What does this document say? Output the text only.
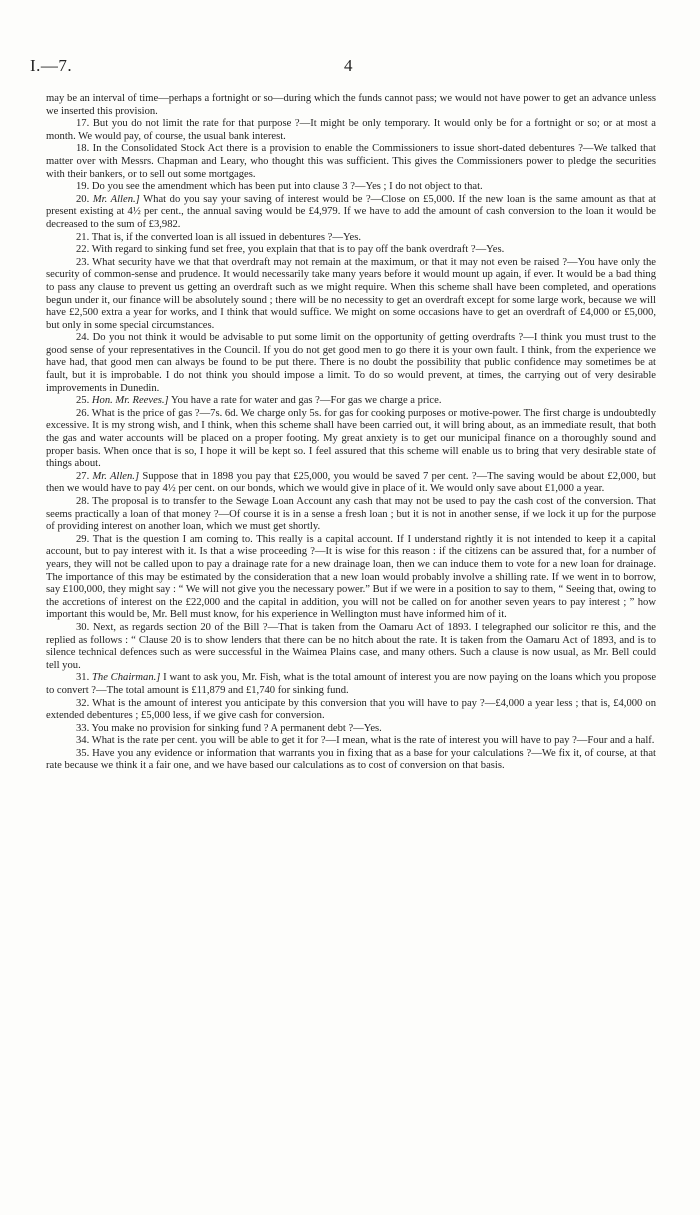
I.—7.	4

may be an interval of time—perhaps a fortnight or so—during which the funds cannot pass; we would not have power to get an advance unless we inserted this provision.

17. But you do not limit the rate for that purpose ?—It might be only temporary. It would only be for a fortnight or so; or at most a month. We would pay, of course, the usual bank interest.

18. In the Consolidated Stock Act there is a provision to enable the Commissioners to issue short-dated debentures ?—We talked that matter over with Messrs. Chapman and Leary, who thought this was sufficient. This gives the Commissioners power to pledge the securities with their bankers, or to sell out some mortgages.

19. Do you see the amendment which has been put into clause 3 ?—Yes ; I do not object to that.

20. Mr. Allen.] What do you say your saving of interest would be ?—Close on £5,000. If the new loan is the same amount as that at present existing at 4½ per cent., the annual saving would be £4,979. If we have to add the amount of cash conversion to the loan it would be decreased to the sum of £3,982.

21. That is, if the converted loan is all issued in debentures ?—Yes.

22. With regard to sinking fund set free, you explain that that is to pay off the bank overdraft ?—Yes.

23. What security have we that that overdraft may not remain at the maximum, or that it may not even be raised ?—You have only the security of common-sense and prudence. It would necessarily take many years before it would mount up again, if ever. It would be a bad thing to pass any clause to prevent us getting an overdraft such as we might require. When this scheme shall have been completed, and operations begun under it, our finance will be absolutely sound ; there will be no necessity to get an overdraft except for some large work, because we will have £2,500 extra a year for works, and I think that would suffice. We might on some occasions have to get an overdraft of £4,000 or £5,000, but only in some special circumstances.

24. Do you not think it would be advisable to put some limit on the opportunity of getting overdrafts ?—I think you must trust to the good sense of your representatives in the Council. If you do not get good men to go there it is your own fault. I think, from the experience we have had, that good men can always be found to be put there. There is no doubt the possibility that public confidence may sometimes be at fault, but it is improbable. I do not think you should impose a limit. To do so would prevent, at times, the carrying out of very desirable improvements in Dunedin.

25. Hon. Mr. Reeves.] You have a rate for water and gas ?—For gas we charge a price.

26. What is the price of gas ?—7s. 6d. We charge only 5s. for gas for cooking purposes or motive-power. The first charge is undoubtedly excessive. It is my strong wish, and I think, when this scheme shall have been carried out, it will bring about, as an immediate result, that both the gas and water accounts will be placed on a proper footing. My great anxiety is to get our municipal finance on a thoroughly sound and proper basis. When once that is so, I hope it will be kept so. I feel assured that this scheme will enable us to bring that very desirable state of things about.

27. Mr. Allen.] Suppose that in 1898 you pay that £25,000, you would be saved 7 per cent. ?—The saving would be about £2,000, but then we would have to pay 4½ per cent. on our bonds, which we would give in place of it. We would only save about £1,000 a year.

28. The proposal is to transfer to the Sewage Loan Account any cash that may not be used to pay the cash cost of the conversion. That seems practically a loan of that money ?—Of course it is in a sense a fresh loan ; but it is not in another sense, if we lock it up for the purpose of providing interest on another loan, which we must get shortly.

29. That is the question I am coming to. This really is a capital account. If I understand rightly it is not intended to keep it a capital account, but to pay interest with it. Is that a wise proceeding ?—It is wise for this reason : if the citizens can be assured that, for a number of years, they will not be called upon to pay a drainage rate for a new drainage loan, then we can induce them to vote for a new loan for drainage. The importance of this may be estimated by the consideration that a new loan would probably involve a shilling rate. If we went in to borrow, say £100,000, they might say : “ We will not give you the necessary power.” But if we were in a position to say to them, “ Seeing that, owing to the accretions of interest on the £22,000 and the capital in addition, you will not be called on for another seven years to pay interest ; ” how important this would be, Mr. Bell must know, for his experience in Wellington must have informed him of it.

30. Next, as regards section 20 of the Bill ?—That is taken from the Oamaru Act of 1893. I telegraphed our solicitor re this, and the replied as follows : “ Clause 20 is to show lenders that there can be no hitch about the rate. It is taken from the Oamaru Act of 1893, and is to silence technical defences such as were successful in the Waimea Plains case, and many others. Such a clause is now usual, as Mr. Bell could tell you.

31. The Chairman.] I want to ask you, Mr. Fish, what is the total amount of interest you are now paying on the loans which you propose to convert ?—The total amount is £11,879 and £1,740 for sinking fund.

32. What is the amount of interest you anticipate by this conversion that you will have to pay ?—£4,000 a year less ; that is, £4,000 on extended debentures ; £5,000 less, if we give cash for conversion.

33. You make no provision for sinking fund ? A permanent debt ?—Yes.

34. What is the rate per cent. you will be able to get it for ?—I mean, what is the rate of interest you will have to pay ?—Four and a half.

35. Have you any evidence or information that warrants you in fixing that as a base for your calculations ?—We fix it, of course, at that rate because we think it a fair one, and we have based our calculations as to cost of conversion on that basis.
